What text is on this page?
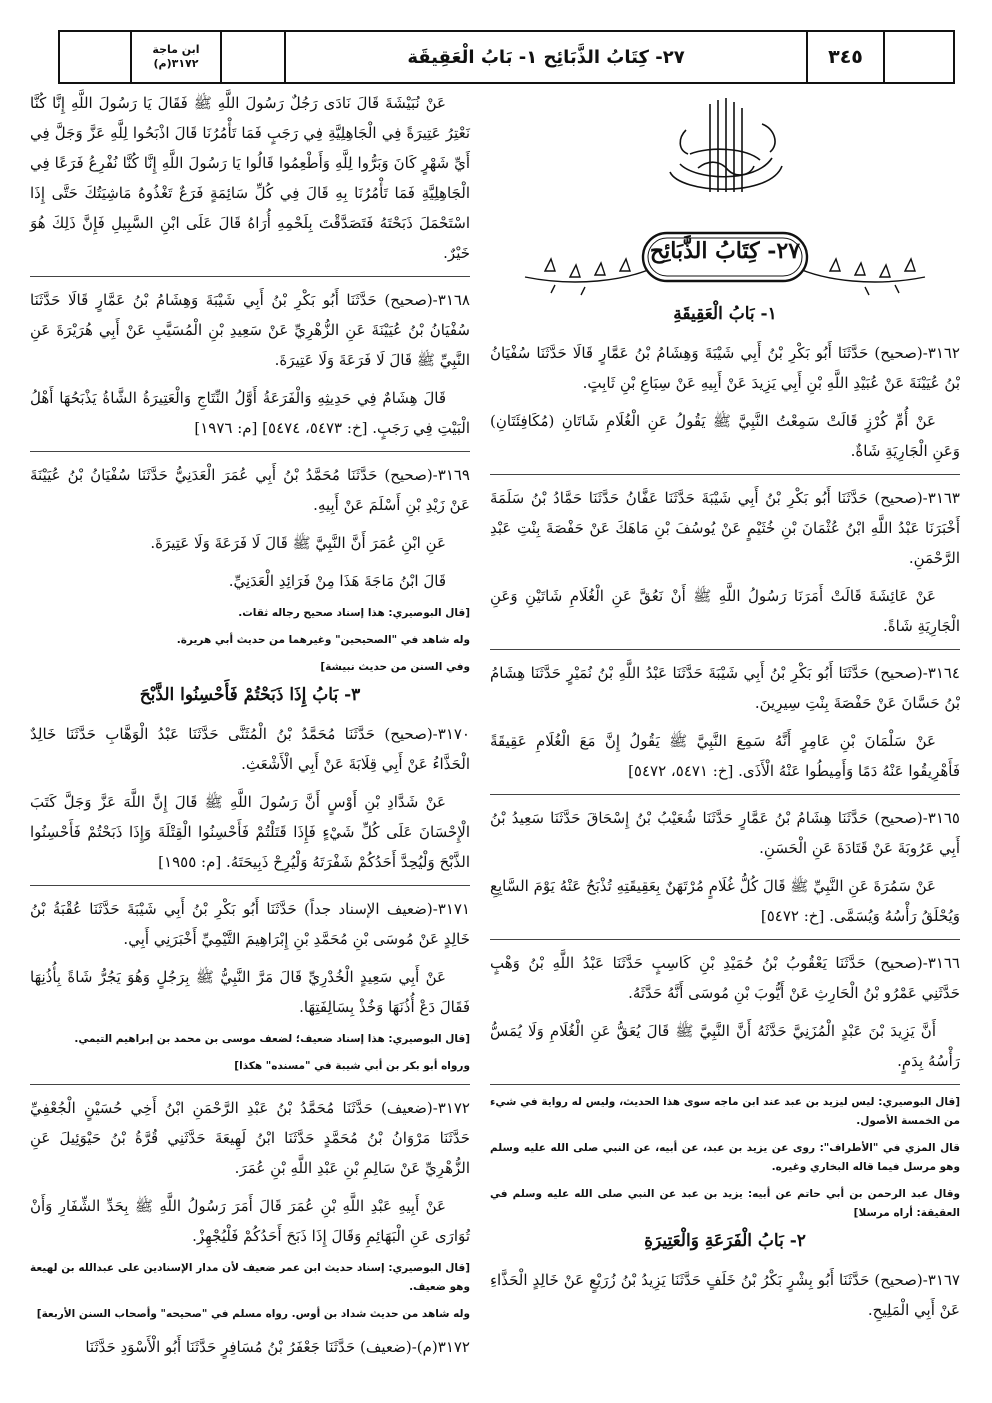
ابن ماجة
(م)٣١٧٢	٢٧- كِتَابُ الذَّبَائِح ١- بَابُ الْعَقِيقَة	٣٤٥
٢٧- كِتَابُ الذَّبَائِح
١- بَابُ الْعَقِيقَةِ

٣١٦٢-(صحيح) حَدَّثَنَا أَبُو بَكْرِ بْنُ أَبِي شَيْبَةَ وَهِشَامُ بْنُ عَمَّارٍ قَالَا حَدَّثَنَا سُفْيَانُ بْنُ عُيَيْنَةَ عَنْ عُبَيْدِ اللَّهِ بْنِ أَبِي يَزِيدَ عَنْ أَبِيهِ عَنْ سِبَاعِ بْنِ ثَابِتٍ.

عَنْ أُمِّ كُرْزٍ قَالَتْ سَمِعْتُ النَّبِيَّ ﷺ يَقُولُ عَنِ الْغُلَامِ شَاتَانِ (مُكَافِئَتَانِ) وَعَنِ الْجَارِيَةِ شَاةٌ.

٣١٦٣-(صحيح) حَدَّثَنَا أَبُو بَكْرِ بْنُ أَبِي شَيْبَةَ حَدَّثَنَا عَفَّانُ حَدَّثَنَا حَمَّادُ بْنُ سَلَمَةَ أَخْبَرَنَا عَبْدُ اللَّهِ ابْنُ عُثْمَانَ بْنِ خُثَيْمٍ عَنْ يُوسُفَ بْنِ مَاهَكَ عَنْ حَفْصَةَ بِنْتِ عَبْدِ الرَّحْمَنِ.

عَنْ عَائِشَةَ قَالَتْ أَمَرَنَا رَسُولُ اللَّهِ ﷺ أَنْ نَعُقَّ عَنِ الْغُلَامِ شَاتَيْنِ وَعَنِ الْجَارِيَةِ شَاةً.

٣١٦٤-(صحيح) حَدَّثَنَا أَبُو بَكْرِ بْنُ أَبِي شَيْبَةَ حَدَّثَنَا عَبْدُ اللَّهِ بْنُ نُمَيْرٍ حَدَّثَنَا هِشَامُ بْنُ حَسَّانَ عَنْ حَفْصَةَ بِنْتِ سِيرِينَ.

عَنْ سَلْمَانَ بْنِ عَامِرٍ أَنَّهُ سَمِعَ النَّبِيَّ ﷺ يَقُولُ إِنَّ مَعَ الْغُلَامِ عَقِيقَةً فَأَهْرِيقُوا عَنْهُ دَمًا وَأَمِيطُوا عَنْهُ الْأَذَى. [خ: ٥٤٧١، ٥٤٧٢]

٣١٦٥-(صحيح) حَدَّثَنَا هِشَامُ بْنُ عَمَّارٍ حَدَّثَنَا شُعَيْبُ بْنُ إِسْحَاقَ حَدَّثَنَا سَعِيدُ بْنُ أَبِي عَرُوبَةَ عَنْ قَتَادَةَ عَنِ الْحَسَنِ.

عَنْ سَمُرَةَ عَنِ النَّبِيِّ ﷺ قَالَ كُلُّ غُلَامٍ مُرْتَهَنٌ بِعَقِيقَتِهِ تُذْبَحُ عَنْهُ يَوْمَ السَّابِعِ وَيُحْلَقُ رَأْسُهُ وَيُسَمَّى. [خ: ٥٤٧٢]

٣١٦٦-(صحيح) حَدَّثَنَا يَعْقُوبُ بْنُ حُمَيْدِ بْنِ كَاسِبٍ حَدَّثَنَا عَبْدُ اللَّهِ بْنُ وَهْبٍ حَدَّثَنِي عَمْرُو بْنُ الْحَارِثِ عَنْ أَيُّوبَ بْنِ مُوسَى أَنَّهُ حَدَّثَهُ.

أَنَّ يَزِيدَ بْنَ عَبْدٍ الْمُزَنِيَّ حَدَّثَهُ أَنَّ النَّبِيَّ ﷺ قَالَ يُعَقُّ عَنِ الْغُلَامِ وَلَا يُمَسُّ رَأْسُهُ بِدَمٍ.

[قال البوصيري: ليس ليزيد بن عبد عند ابن ماجه سوى هذا الحديث، وليس له رواية في شيء من الخمسة الأصول.

قال المزي في "الأطراف": روى عن يزيد بن عبد، عن أبيه، عن النبي صلى الله عليه وسلم وهو مرسل فيما قاله البخاري وغيره.

وقال عبد الرحمن بن أبي حاتم عن أبيه: يزيد بن عبد عن النبي صلى الله عليه وسلم في العقيقة: أراه مرسلا]

٢- بَابُ الْفَرَعَةِ وَالْعَتِيرَةِ

٣١٦٧-(صحيح) حَدَّثَنَا أَبُو بِشْرٍ بَكْرُ بْنُ خَلَفٍ حَدَّثَنَا يَزِيدُ بْنُ زُرَيْعٍ عَنْ خَالِدٍ الْحَذَّاءِ عَنْ أَبِي الْمَلِيحِ.

عَنْ نُبَيْشَةَ قَالَ نَادَى رَجُلٌ رَسُولَ اللَّهِ ﷺ فَقَالَ يَا رَسُولَ اللَّهِ إِنَّا كُنَّا نَعْتِرُ عَتِيرَةً فِي الْجَاهِلِيَّةِ فِي رَجَبٍ فَمَا تَأْمُرُنَا قَالَ اذْبَحُوا لِلَّهِ عَزَّ وَجَلَّ فِي أَيِّ شَهْرٍ كَانَ وَبَرُّوا لِلَّهِ وَأَطْعِمُوا قَالُوا يَا رَسُولَ اللَّهِ إِنَّا كُنَّا نُفْرِعُ فَرَعًا فِي الْجَاهِلِيَّةِ فَمَا تَأْمُرُنَا بِهِ قَالَ فِي كُلِّ سَائِمَةٍ فَرَعٌ تَغْذُوهُ مَاشِيَتُكَ حَتَّى إِذَا اسْتَحْمَلَ ذَبَحْتَهُ فَتَصَدَّقْتَ بِلَحْمِهِ أُرَاهُ قَالَ عَلَى ابْنِ السَّبِيلِ فَإِنَّ ذَلِكَ هُوَ خَيْرٌ.

٣١٦٨-(صحيح) حَدَّثَنَا أَبُو بَكْرِ بْنُ أَبِي شَيْبَةَ وَهِشَامُ بْنُ عَمَّارٍ قَالَا حَدَّثَنَا سُفْيَانُ بْنُ عُيَيْنَةَ عَنِ الزُّهْرِيِّ عَنْ سَعِيدِ بْنِ الْمُسَيَّبِ عَنْ أَبِي هُرَيْرَةَ عَنِ النَّبِيِّ ﷺ قَالَ لَا فَرَعَةَ وَلَا عَتِيرَةَ.

قَالَ هِشَامٌ فِي حَدِيثِهِ وَالْفَرَعَةُ أَوَّلُ النِّتَاجِ وَالْعَتِيرَةُ الشَّاةُ يَذْبَحُهَا أَهْلُ الْبَيْتِ فِي رَجَبٍ. [خ: ٥٤٧٣، ٥٤٧٤] [م: ١٩٧٦]

٣١٦٩-(صحيح) حَدَّثَنَا مُحَمَّدُ بْنُ أَبِي عُمَرَ الْعَدَنِيُّ حَدَّثَنَا سُفْيَانُ بْنُ عُيَيْنَةَ عَنْ زَيْدِ بْنِ أَسْلَمَ عَنْ أَبِيهِ.

عَنِ ابْنِ عُمَرَ أَنَّ النَّبِيَّ ﷺ قَالَ لَا فَرَعَةَ وَلَا عَتِيرَةَ.

قَالَ ابْنُ مَاجَةَ هَذَا مِنْ فَرَائِدِ الْعَدَنِيِّ.

[قال البوصيري: هذا إسناد صحيح رجاله ثقات.

وله شاهد في "الصحيحين" وغيرهما من حديث أبي هريرة.

وفي السنن من حديث نبيشة]

٣- بَابُ إِذَا ذَبَحْتُمْ فَأَحْسِنُوا الذَّبْحَ

٣١٧٠-(صحيح) حَدَّثَنَا مُحَمَّدُ بْنُ الْمُثَنَّى حَدَّثَنَا عَبْدُ الْوَهَّابِ حَدَّثَنَا خَالِدٌ الْحَذَّاءُ عَنْ أَبِي قِلَابَةَ عَنْ أَبِي الْأَشْعَثِ.

عَنْ شَدَّادِ بْنِ أَوْسٍ أَنَّ رَسُولَ اللَّهِ ﷺ قَالَ إِنَّ اللَّهَ عَزَّ وَجَلَّ كَتَبَ الْإِحْسَانَ عَلَى كُلِّ شَيْءٍ فَإِذَا قَتَلْتُمْ فَأَحْسِنُوا الْقِتْلَةَ وَإِذَا ذَبَحْتُمْ فَأَحْسِنُوا الذَّبْحَ وَلْيُحِدَّ أَحَدُكُمْ شَفْرَتَهُ وَلْيُرِحْ ذَبِيحَتَهُ. [م: ١٩٥٥]

٣١٧١-(ضعيف الإسناد جداً) حَدَّثَنَا أَبُو بَكْرِ بْنُ أَبِي شَيْبَةَ حَدَّثَنَا عُقْبَةُ بْنُ خَالِدٍ عَنْ مُوسَى بْنِ مُحَمَّدِ بْنِ إِبْرَاهِيمَ التَّيْمِيِّ أَخْبَرَنِي أَبِي.

عَنْ أَبِي سَعِيدٍ الْخُدْرِيِّ قَالَ مَرَّ النَّبِيُّ ﷺ بِرَجُلٍ وَهُوَ يَجُرُّ شَاةً بِأُذُنِهَا فَقَالَ دَعْ أُذُنَهَا وَخُذْ بِسَالِفَتِهَا.

[قال البوصيري: هذا إسناد ضعيف؛ لضعف موسى بن محمد بن إبراهيم التيمي.

ورواه أبو بكر بن أبي شيبة في "مسنده" هكذا]

٣١٧٢-(ضعيف) حَدَّثَنَا مُحَمَّدُ بْنُ عَبْدِ الرَّحْمَنِ ابْنُ أَخِي حُسَيْنٍ الْجُعْفِيِّ حَدَّثَنَا مَرْوَانُ بْنُ مُحَمَّدٍ حَدَّثَنَا ابْنُ لَهِيعَةَ حَدَّثَنِي قُرَّةُ بْنُ حَيْوَئِيلَ عَنِ الزُّهْرِيِّ عَنْ سَالِمِ بْنِ عَبْدِ اللَّهِ بْنِ عُمَرَ.

عَنْ أَبِيهِ عَبْدِ اللَّهِ بْنِ عُمَرَ قَالَ أَمَرَ رَسُولُ اللَّهِ ﷺ بِحَدِّ الشِّفَارِ وَأَنْ تُوَارَى عَنِ الْبَهَائِمِ وَقَالَ إِذَا ذَبَحَ أَحَدُكُمْ فَلْيُجْهِزْ.

[قال البوصيري: إسناد حديث ابن عمر ضعيف لأن مدار الإسنادين على عبدالله بن لهيعة وهو ضعيف.

وله شاهد من حديث شداد بن أوس. رواه مسلم في "صحيحه" وأصحاب السنن الأربعة]

٣١٧٢(م)-(ضعيف) حَدَّثَنَا جَعْفَرُ بْنُ مُسَافِرٍ حَدَّثَنَا أَبُو الْأَسْوَدِ حَدَّثَنَا
